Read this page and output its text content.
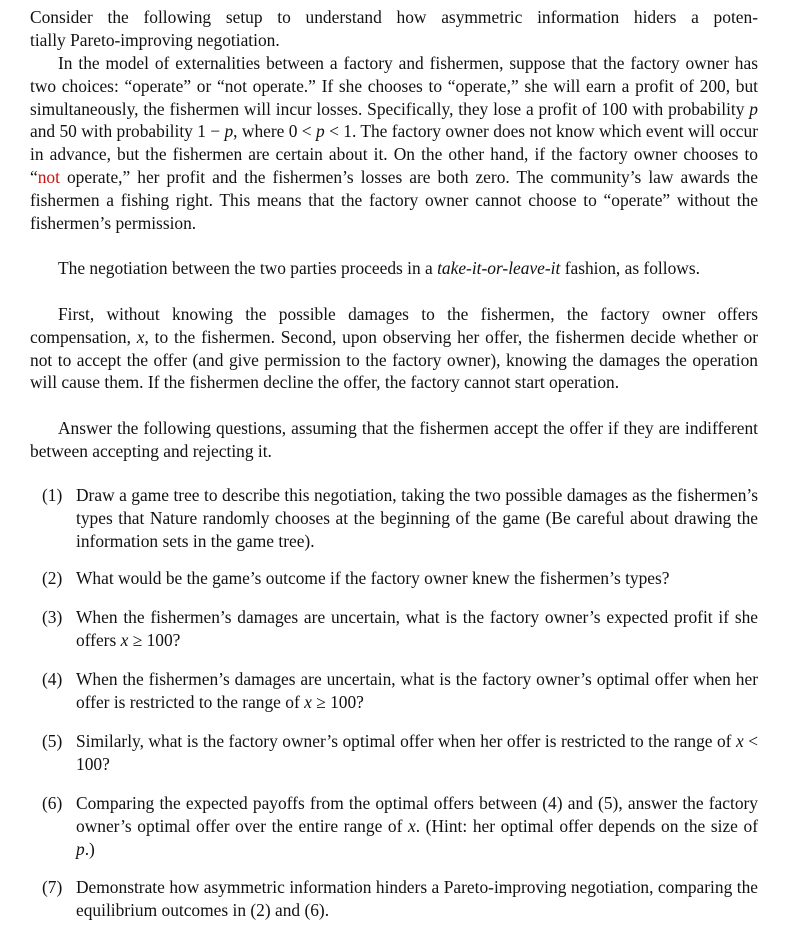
Consider the following setup to understand how asymmetric information hiders a poten-
tially Pareto-improving negotiation.

In the model of externalities between a factory and fishermen, suppose that the factory owner has two choices: “operate” or “not operate.” If she chooses to “operate,” she will earn a profit of 200, but simultaneously, the fishermen will incur losses. Specifically, they lose a profit of 100 with probability p and 50 with probability 1 − p, where 0 < p < 1. The factory owner does not know which event will occur in advance, but the fishermen are certain about it. On the other hand, if the factory owner chooses to “not operate,” her profit and the fishermen’s losses are both zero. The community’s law awards the fishermen a fishing right. This means that the factory owner cannot choose to “operate” without the fishermen’s permission.

The negotiation between the two parties proceeds in a take-it-or-leave-it fashion, as follows.

First, without knowing the possible damages to the fishermen, the factory owner offers compensation, x, to the fishermen. Second, upon observing her offer, the fishermen decide whether or not to accept the offer (and give permission to the factory owner), knowing the damages the operation will cause them. If the fishermen decline the offer, the factory cannot start operation.

Answer the following questions, assuming that the fishermen accept the offer if they are indifferent between accepting and rejecting it.

(1) Draw a game tree to describe this negotiation, taking the two possible damages as the fishermen’s types that Nature randomly chooses at the beginning of the game (Be careful about drawing the information sets in the game tree).

(2) What would be the game’s outcome if the factory owner knew the fishermen’s types?

(3) When the fishermen’s damages are uncertain, what is the factory owner’s expected profit if she offers x ≥ 100?

(4) When the fishermen’s damages are uncertain, what is the factory owner’s optimal offer when her offer is restricted to the range of x ≥ 100?

(5) Similarly, what is the factory owner’s optimal offer when her offer is restricted to the range of x < 100?

(6) Comparing the expected payoffs from the optimal offers between (4) and (5), answer the factory owner’s optimal offer over the entire range of x. (Hint: her optimal offer depends on the size of p.)

(7) Demonstrate how asymmetric information hinders a Pareto-improving negotiation, comparing the equilibrium outcomes in (2) and (6).
